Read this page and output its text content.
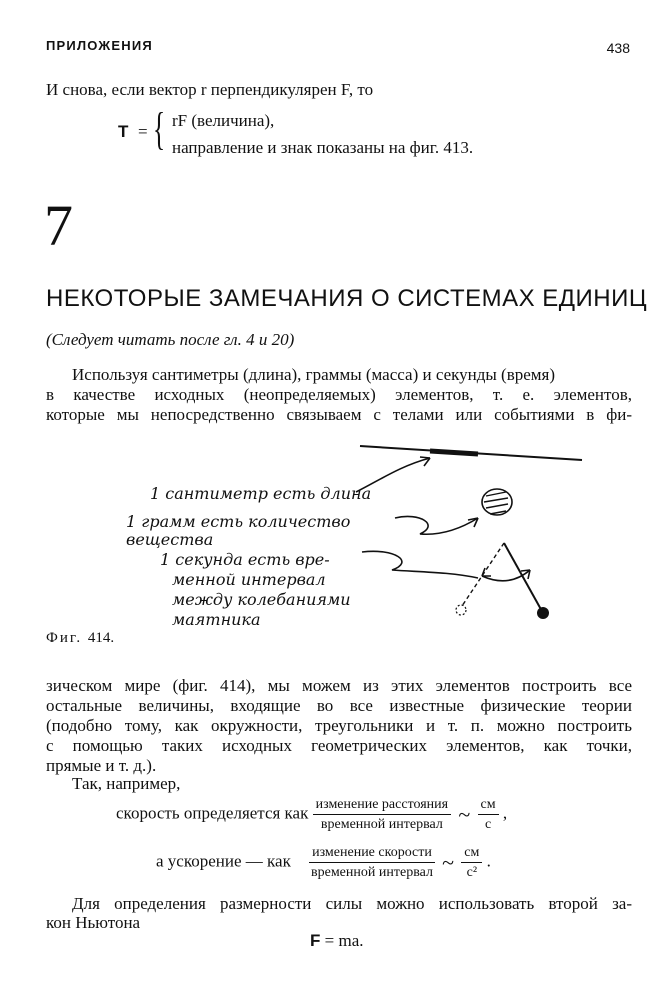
ПРИЛОЖЕНИЯ	438
И снова, если вектор r перпендикулярен F, то
T = { rF (величина),
направление и знак показаны на фиг. 413.
7
НЕКОТОРЫЕ ЗАМЕЧАНИЯ О СИСТЕМАХ ЕДИНИЦ
(Следует читать после гл. 4 и 20)
Используя сантиметры (длина), граммы (масса) и секунды (время)
в качестве исходных (неопределяемых) элементов, т. е. элементов,
которые мы непосредственно связываем с телами или событиями в фи-
1 сантиметр есть длина
1 грамм есть количество
вещества
1 секунда есть вре-
менной интервал
между колебаниями
маятника
Фиг. 414.
зическом мире (фиг. 414), мы можем из этих элементов построить все
остальные величины, входящие во все известные физические теории
(подобно тому, как окружности, треугольники и т. п. можно построить
с помощью таких исходных геометрических элементов, как точки,
прямые и т. д.).
Так, например,
скорость определяется как $\frac{\text{изменение расстояния}}{\text{временной интервал}}$ ~ $\frac{см}{с}$ ,
а ускорение — как $\frac{\text{изменение скорости}}{\text{временной интервал}}$ ~ $\frac{см}{\text{с²}}$ .
Для определения размерности силы можно использовать второй за-
кон Ньютона
F = ma.
